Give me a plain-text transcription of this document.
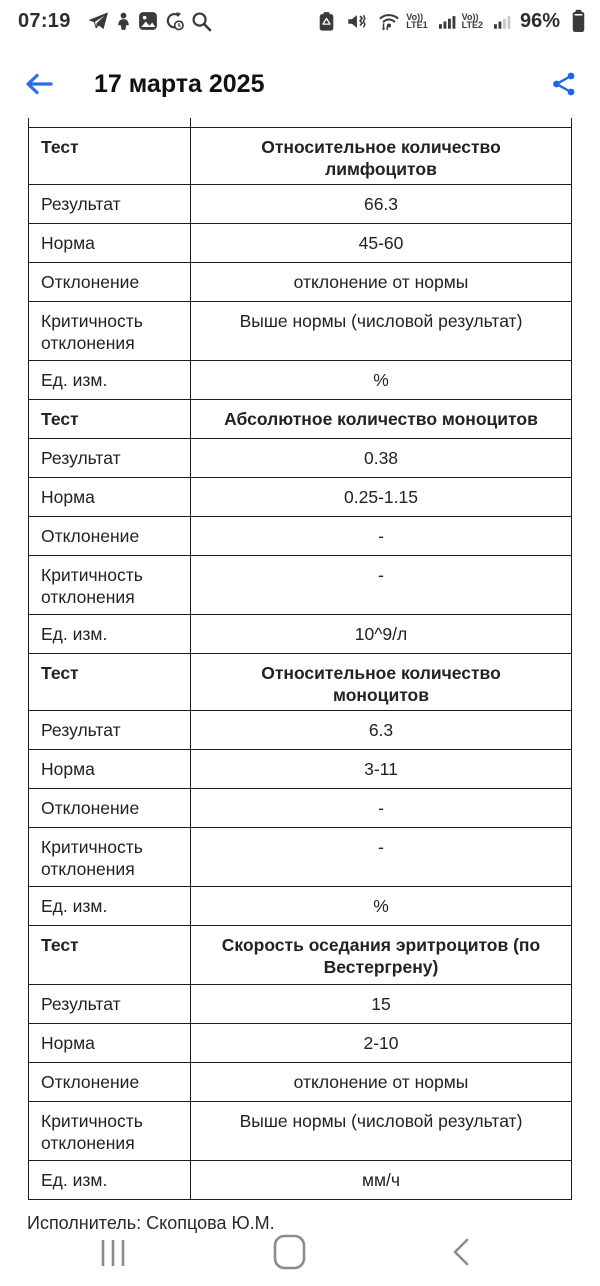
07:19	Vo))
LTE1
Vo))
LTE2 96%
17 марта 2025

Тест	Относительное количество лимфоцитов
Результат	66.3
Норма	45-60
Отклонение	отклонение от нормы
Критичность отклонения	Выше нормы (числовой результат)
Ед. изм.	%
Тест	Абсолютное количество моноцитов
Результат	0.38
Норма	0.25-1.15
Отклонение	-
Критичность отклонения	-
Ед. изм.	10^9/л
Тест	Относительное количество моноцитов
Результат	6.3
Норма	3-11
Отклонение	-
Критичность отклонения	-
Ед. изм.	%
Тест	Скорость оседания эритроцитов (по Вестергрену)
Результат	15
Норма	2-10
Отклонение	отклонение от нормы
Критичность отклонения	Выше нормы (числовой результат)
Ед. изм.	мм/ч
Исполнитель: Скопцова Ю.М.
